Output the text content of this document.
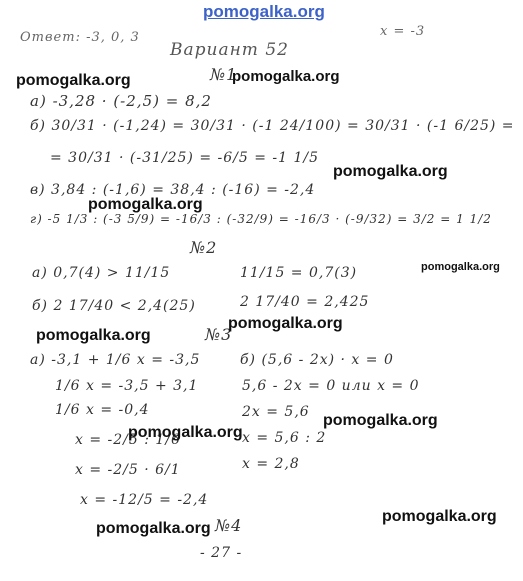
pomogalka.org
Ответ: -3, 0, 3
Вариант 52
x = -3
№1
а) -3,28 · (-2,5) = 8,2
б) 30/31 · (-1,24) = 30/31 · (-1 24/100) = 30/31 · (-1 6/25) =
= 30/31 · (-31/25) = -6/5 = -1 1/5
в) 3,84 : (-1,6) = 38,4 : (-16) = -2,4
г) -5 1/3 : (-3 5/9) = -16/3 : (-32/9) = -16/3 · (-9/32) = 3/2 = 1 1/2
№2
а) 0,7(4) > 11/15	11/15 = 0,7(3)
б) 2 17/40 < 2,4(25)	2 17/40 = 2,425
№3
а) -3,1 + 1/6 x = -3,5
1/6 x = -3,5 + 3,1
1/6 x = -0,4
x = -2/5 : 1/6
x = -2/5 · 6/1
x = -12/5 = -2,4
б) (5,6 - 2x) · x = 0
5,6 - 2x = 0 или x = 0
2x = 5,6
x = 5,6 : 2
x = 2,8
№4
- 27 -
pomogalka.org	pomogalka.org
pomogalka.org
pomogalka.org
pomogalka.org
pomogalka.org
pomogalka.org
pomogalka.org
pomogalka.org
pomogalka.org
pomogalka.org
